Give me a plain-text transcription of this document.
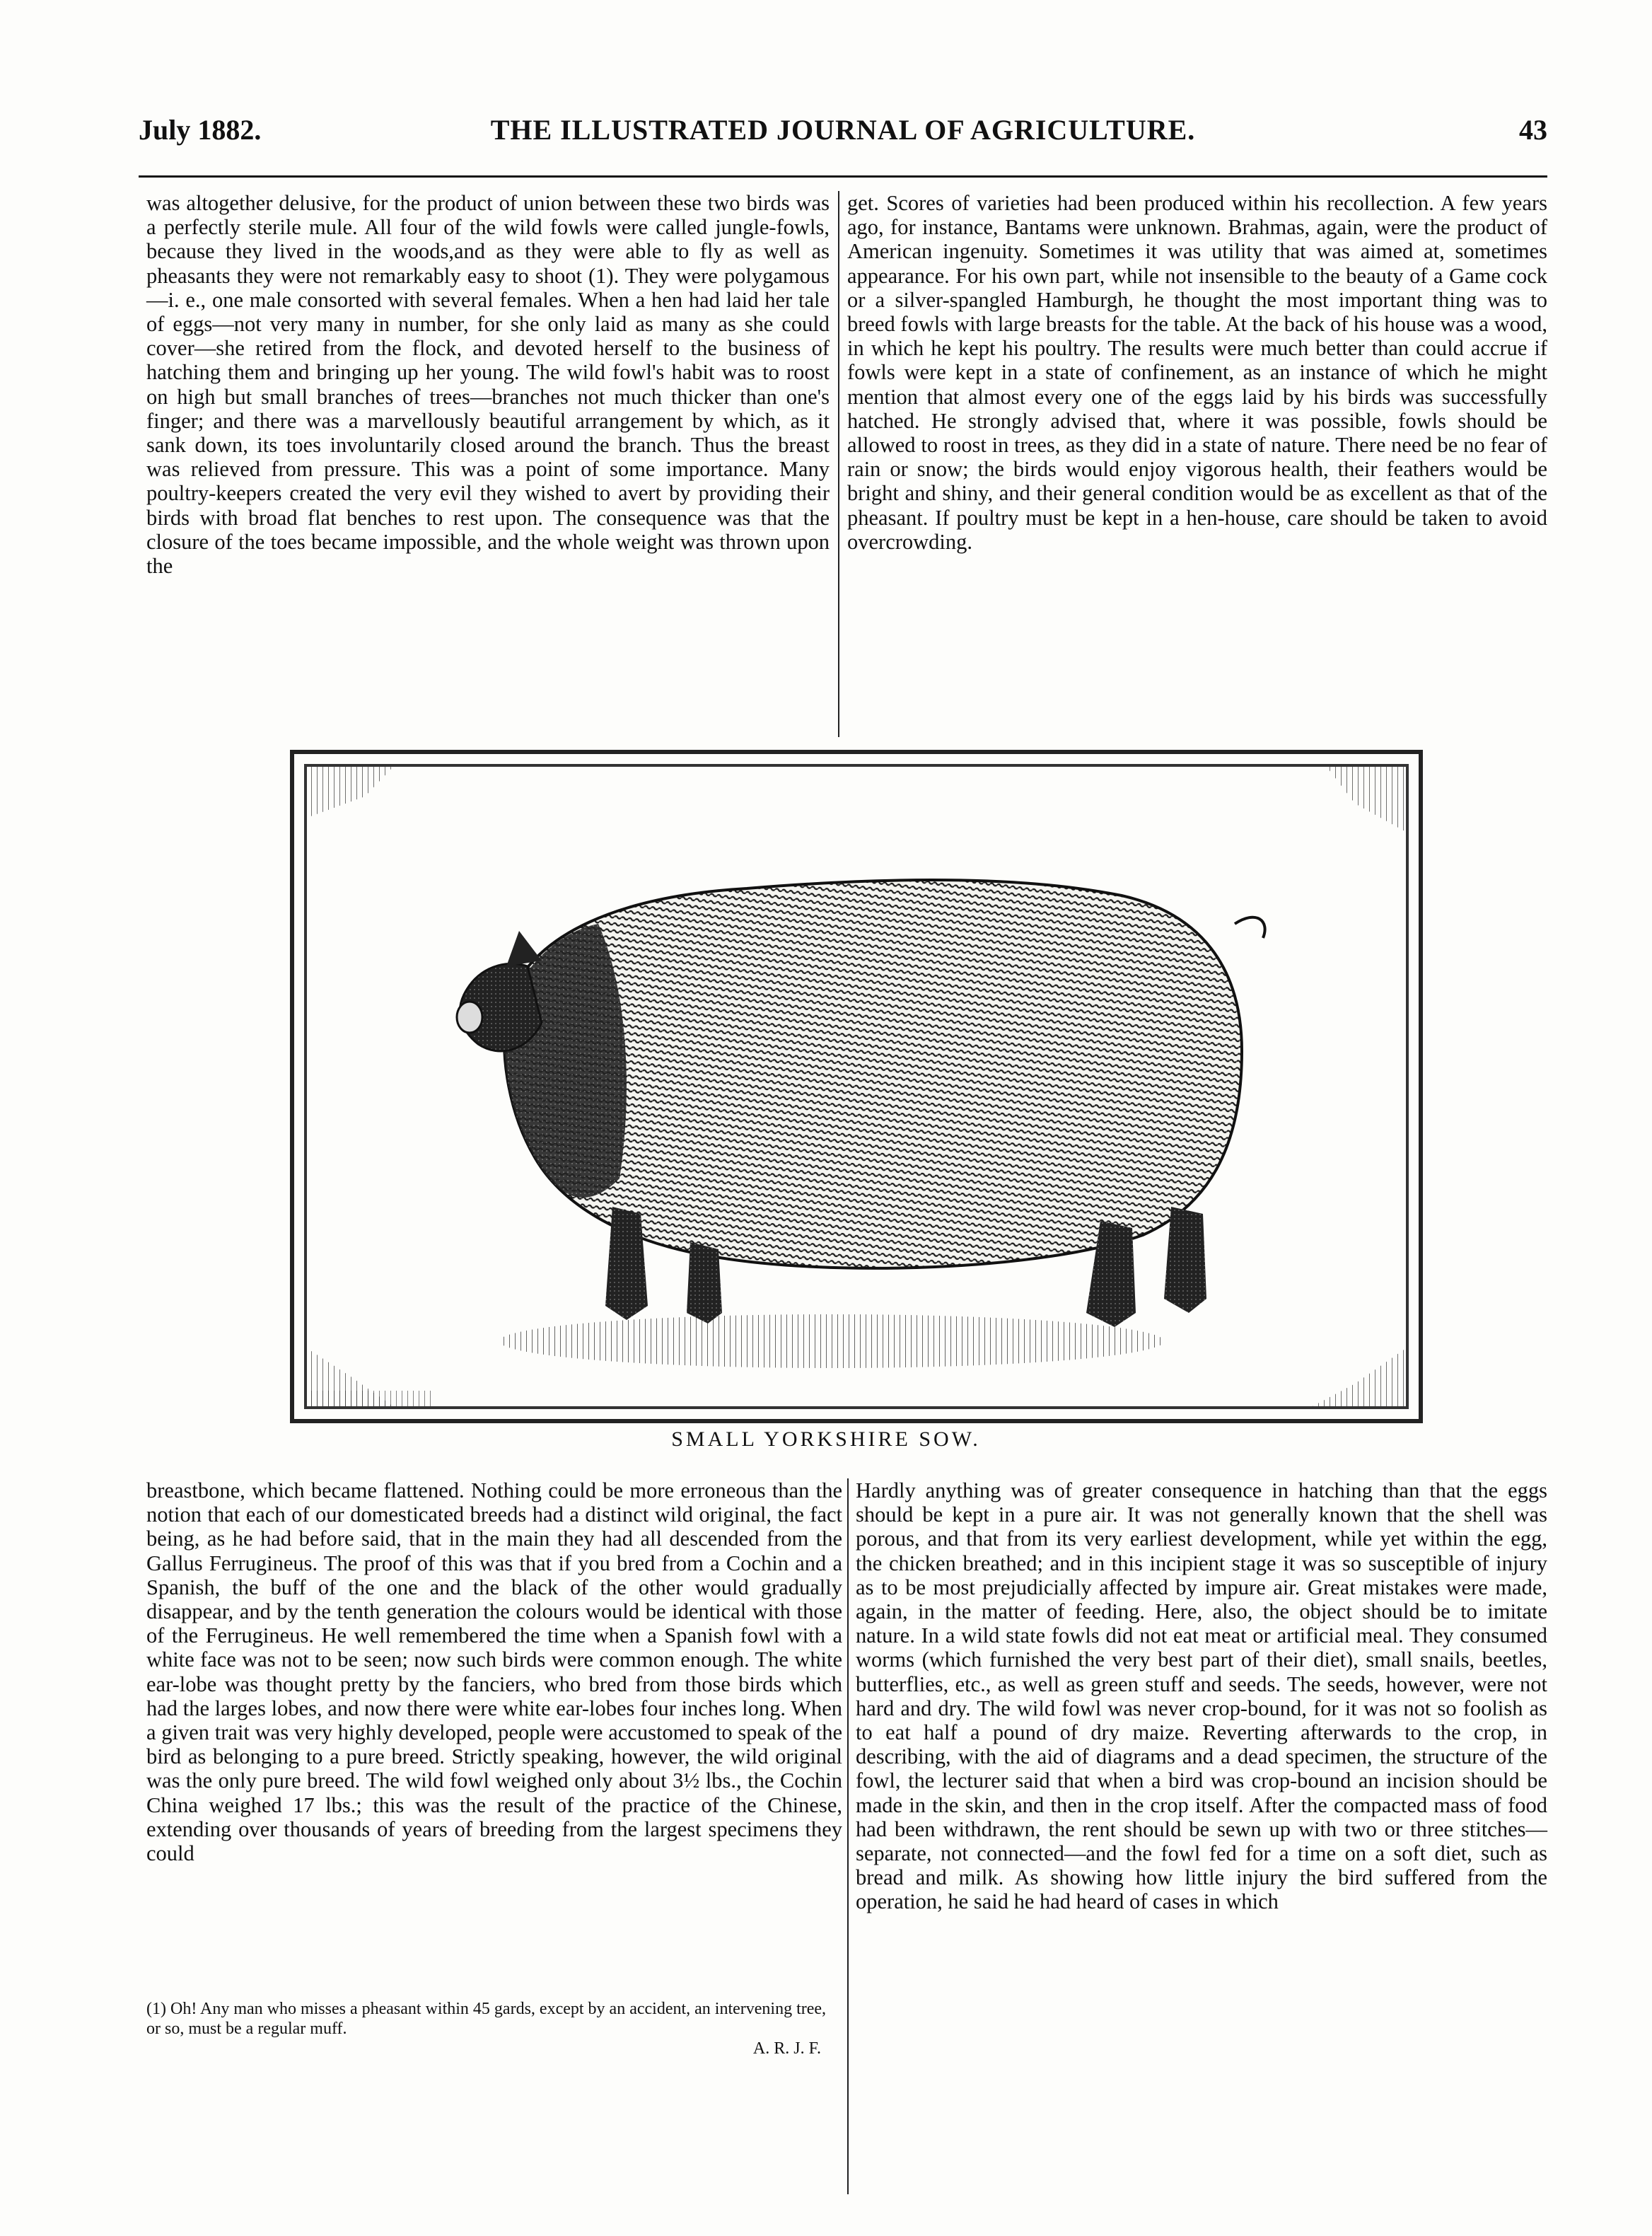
July 1882.	THE ILLUSTRATED JOURNAL OF AGRICULTURE.	43

was altogether delusive, for the product of union between these two birds was a perfectly sterile mule. All four of the wild fowls were called jungle-fowls, because they lived in the woods,and as they were able to fly as well as pheasants they were not remarkably easy to shoot (1). They were polygamous —i. e., one male consorted with several females. When a hen had laid her tale of eggs—not very many in number, for she only laid as many as she could cover—she retired from the flock, and devoted herself to the business of hatching them and bringing up her young. The wild fowl's habit was to roost on high but small branches of trees—branches not much thicker than one's finger; and there was a marvellously beautiful arrangement by which, as it sank down, its toes involuntarily closed around the branch. Thus the breast was relieved from pressure. This was a point of some importance. Many poultry-keepers created the very evil they wished to avert by providing their birds with broad flat benches to rest upon. The consequence was that the closure of the toes became impossible, and the whole weight was thrown upon the

get. Scores of varieties had been produced within his recollection. A few years ago, for instance, Bantams were unknown. Brahmas, again, were the product of American ingenuity. Sometimes it was utility that was aimed at, sometimes appearance. For his own part, while not insensible to the beauty of a Game cock or a silver-spangled Hamburgh, he thought the most important thing was to breed fowls with large breasts for the table. At the back of his house was a wood, in which he kept his poultry. The results were much better than could accrue if fowls were kept in a state of confinement, as an instance of which he might mention that almost every one of the eggs laid by his birds was successfully hatched. He strongly advised that, where it was possible, fowls should be allowed to roost in trees, as they did in a state of nature. There need be no fear of rain or snow; the birds would enjoy vigorous health, their feathers would be bright and shiny, and their general condition would be as excellent as that of the pheasant. If poultry must be kept in a hen-house, care should be taken to avoid overcrowding.

SMALL YORKSHIRE SOW.

breastbone, which became flattened. Nothing could be more erroneous than the notion that each of our domesticated breeds had a distinct wild original, the fact being, as he had before said, that in the main they had all descended from the Gallus Ferrugineus. The proof of this was that if you bred from a Cochin and a Spanish, the buff of the one and the black of the other would gradually disappear, and by the tenth generation the colours would be identical with those of the Ferrugineus. He well remembered the time when a Spanish fowl with a white face was not to be seen; now such birds were common enough. The white ear-lobe was thought pretty by the fanciers, who bred from those birds which had the larges lobes, and now there were white ear-lobes four inches long. When a given trait was very highly developed, people were accustomed to speak of the bird as belonging to a pure breed. Strictly speaking, however, the wild original was the only pure breed. The wild fowl weighed only about 3½ lbs., the Cochin China weighed 17 lbs.; this was the result of the practice of the Chinese, extending over thousands of years of breeding from the largest specimens they could

Hardly anything was of greater consequence in hatching than that the eggs should be kept in a pure air. It was not generally known that the shell was porous, and that from its very earliest development, while yet within the egg, the chicken breathed; and in this incipient stage it was so susceptible of injury as to be most prejudicially affected by impure air. Great mistakes were made, again, in the matter of feeding. Here, also, the object should be to imitate nature. In a wild state fowls did not eat meat or artificial meal. They consumed worms (which furnished the very best part of their diet), small snails, beetles, butterflies, etc., as well as green stuff and seeds. The seeds, however, were not hard and dry. The wild fowl was never crop-bound, for it was not so foolish as to eat half a pound of dry maize. Reverting afterwards to the crop, in describing, with the aid of diagrams and a dead specimen, the structure of the fowl, the lecturer said that when a bird was crop-bound an incision should be made in the skin, and then in the crop itself. After the compacted mass of food had been withdrawn, the rent should be sewn up with two or three stitches—separate, not connected—and the fowl fed for a time on a soft diet, such as bread and milk. As showing how little injury the bird suffered from the operation, he said he had heard of cases in which

(1) Oh! Any man who misses a pheasant within 45 gards, except by an accident, an intervening tree, or so, must be a regular muff.
A. R. J. F.
